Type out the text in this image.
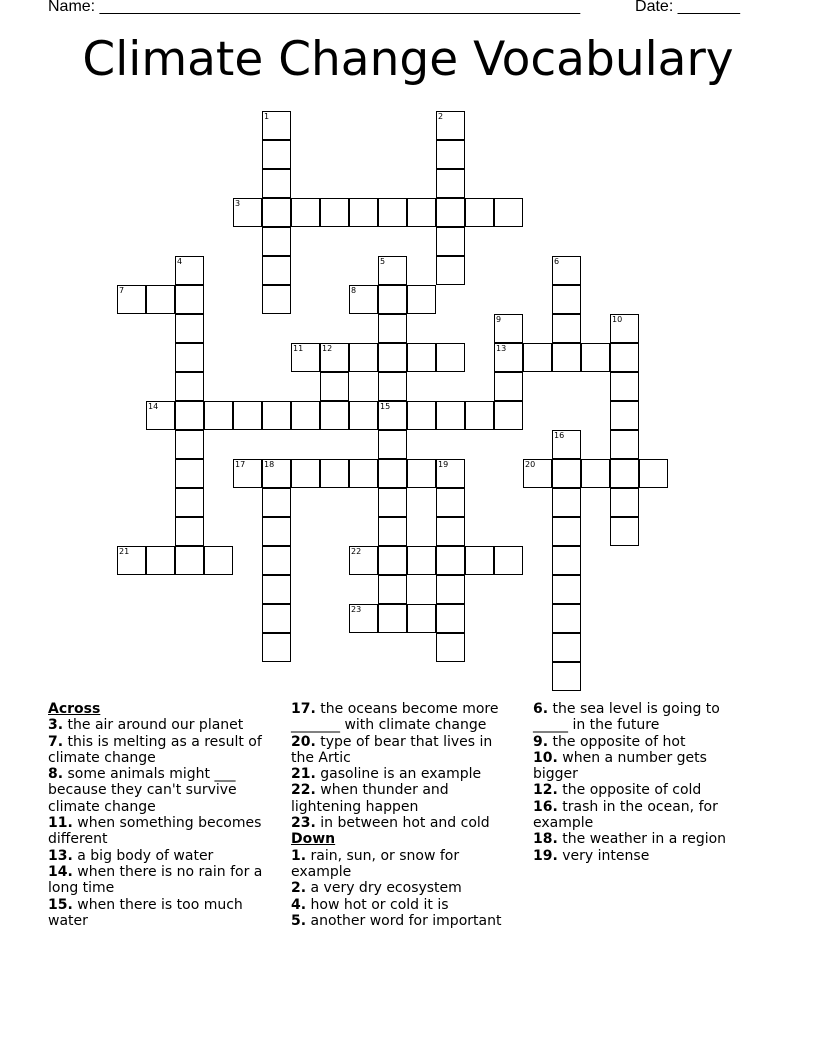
Name: ______________________________________________________

	Date: _______

Climate Change Vocabulary
3
7	8
11 12	13
14	15
17 18	19	20
21	22
23
1	2
4	5	6
9	10
16
Across
3. the air around our planet
7. this is melting as a result of climate change
8. some animals might ___ because they can't survive climate change
11. when something becomes different
13. a big body of water
14. when there is no rain for a long time
15. when there is too much water
17. the oceans become more _______ with climate change
20. type of bear that lives in the Artic
21. gasoline is an example
22. when thunder and lightening happen
23. in between hot and cold
Down
1. rain, sun, or snow for example
2. a very dry ecosystem
4. how hot or cold it is
5. another word for important
6. the sea level is going to _____ in the future
9. the opposite of hot
10. when a number gets bigger
12. the opposite of cold
16. trash in the ocean, for example
18. the weather in a region
19. very intense
